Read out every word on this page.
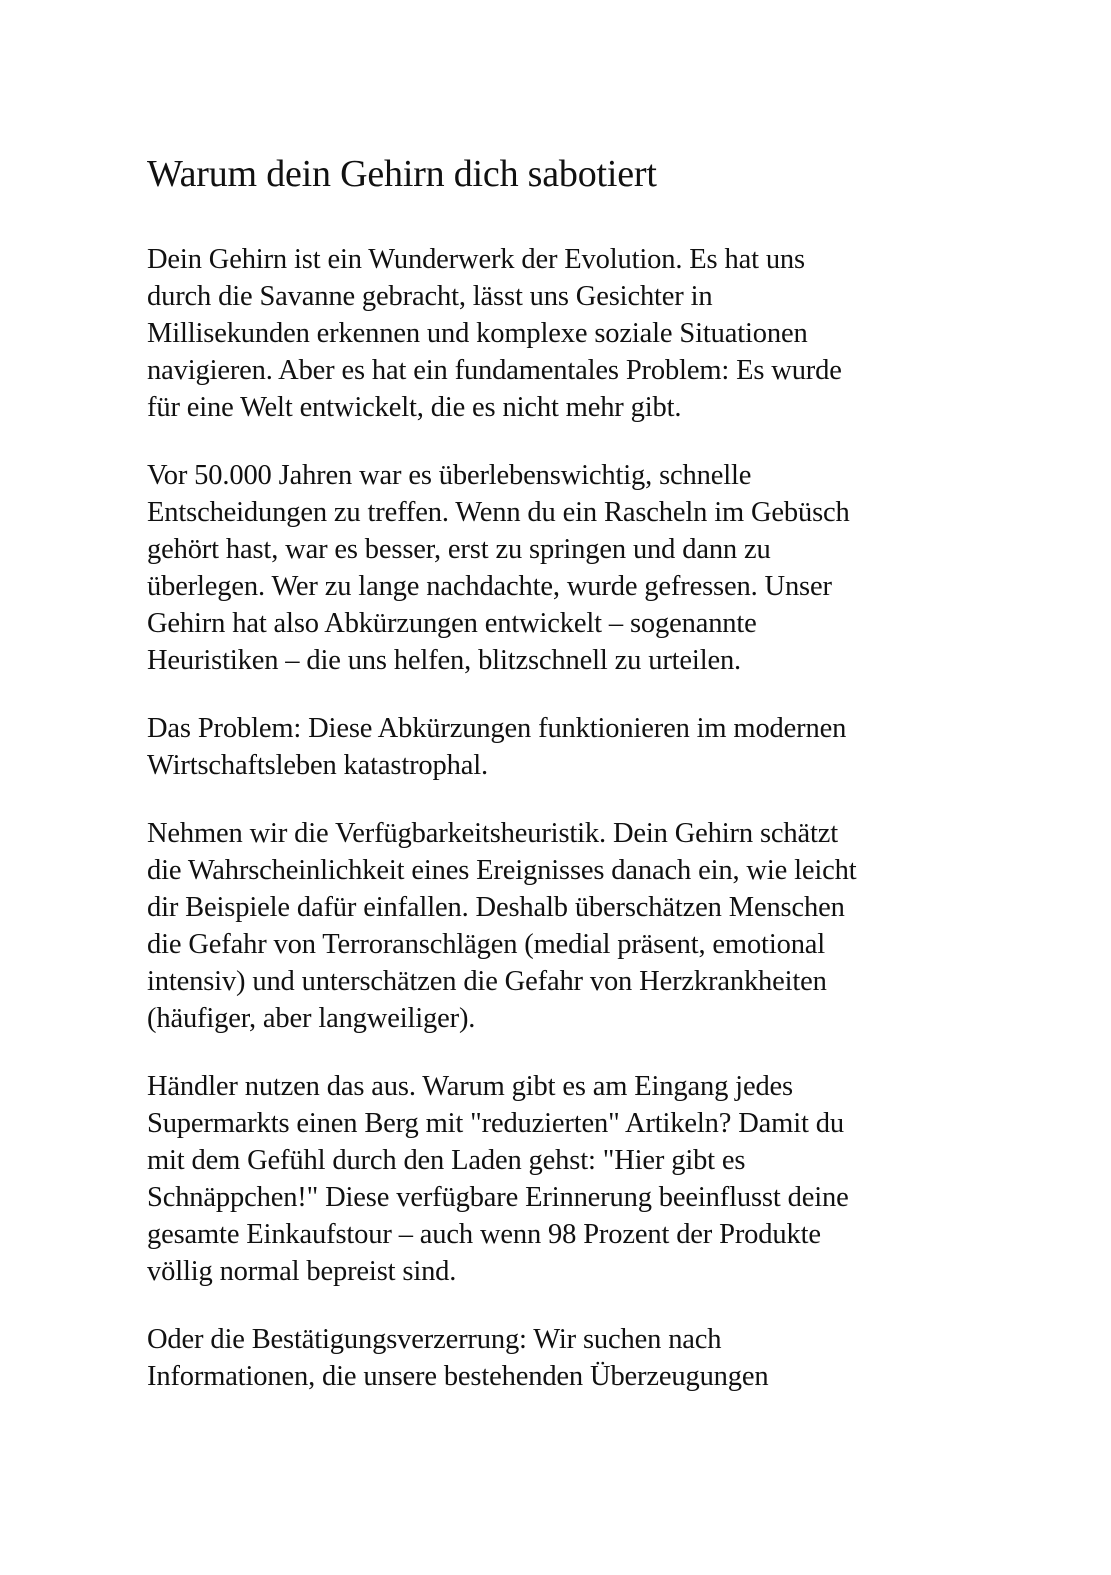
Warum dein Gehirn dich sabotiert

Dein Gehirn ist ein Wunderwerk der Evolution. Es hat uns
durch die Savanne gebracht, lässt uns Gesichter in
Millisekunden erkennen und komplexe soziale Situationen
navigieren. Aber es hat ein fundamentales Problem: Es wurde
für eine Welt entwickelt, die es nicht mehr gibt.

Vor 50.000 Jahren war es überlebenswichtig, schnelle
Entscheidungen zu treffen. Wenn du ein Rascheln im Gebüsch
gehört hast, war es besser, erst zu springen und dann zu
überlegen. Wer zu lange nachdachte, wurde gefressen. Unser
Gehirn hat also Abkürzungen entwickelt – sogenannte
Heuristiken – die uns helfen, blitzschnell zu urteilen.

Das Problem: Diese Abkürzungen funktionieren im modernen
Wirtschaftsleben katastrophal.

Nehmen wir die Verfügbarkeitsheuristik. Dein Gehirn schätzt
die Wahrscheinlichkeit eines Ereignisses danach ein, wie leicht
dir Beispiele dafür einfallen. Deshalb überschätzen Menschen
die Gefahr von Terroranschlägen (medial präsent, emotional
intensiv) und unterschätzen die Gefahr von Herzkrankheiten
(häufiger, aber langweiliger).

Händler nutzen das aus. Warum gibt es am Eingang jedes
Supermarkts einen Berg mit "reduzierten" Artikeln? Damit du
mit dem Gefühl durch den Laden gehst: "Hier gibt es
Schnäppchen!" Diese verfügbare Erinnerung beeinflusst deine
gesamte Einkaufstour – auch wenn 98 Prozent der Produkte
völlig normal bepreist sind.

Oder die Bestätigungsverzerrung: Wir suchen nach
Informationen, die unsere bestehenden Überzeugungen
